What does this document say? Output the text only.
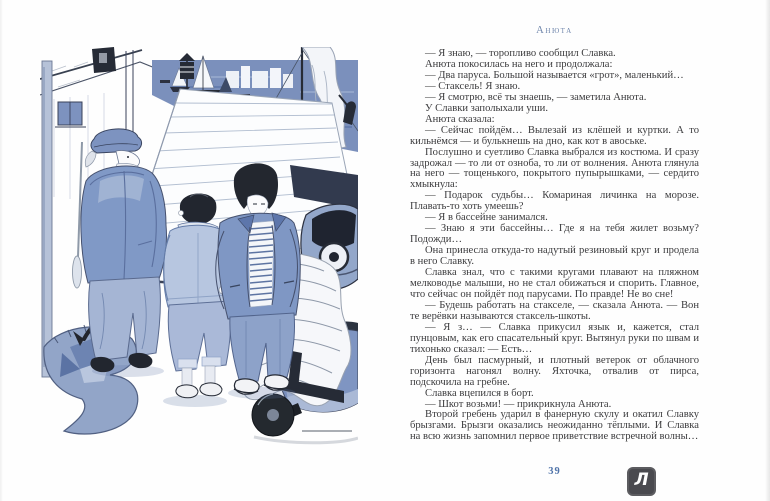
Анюта

— Я знаю, — торопливо сообщил Славка.

Анюта покосилась на него и продолжала:

— Два паруса. Большой называется «грот», маленький…

— Стаксель! Я знаю.

— Я смотрю, всё ты знаешь, — заметила Анюта.

У Славки заполыхали уши.

Анюта сказала:

— Сейчас пойдём… Вылезай из клёшей и куртки. А то кильнёмся — и булькнешь на дно, как кот в авоське.

Послушно и суетливо Славка выбрался из костюма. И сразу задрожал — то ли от озноба, то ли от волнения. Анюта глянула на него — тощенького, покрытого пупырышками, — сердито хмыкнула:

— Подарок судьбы… Комариная личинка на морозе. Плавать-то хоть умеешь?

— Я в бассейне занимался.

— Знаю я эти бассейны… Где я на тебя жилет возьму? Подожди…

Она принесла откуда-то надутый резиновый круг и продела в него Славку.

Славка знал, что с такими кругами плавают на пляжном мелководье малыши, но не стал обижаться и спорить. Главное, что сейчас он пойдёт под парусами. По правде! Не во сне!

— Будешь работать на стакселе, — сказала Анюта. — Вон те верёвки называются стаксель-шкоты.

— Я з… — Славка прикусил язык и, кажется, стал пунцовым, как его спасательный круг. Вытянул руки по швам и тихонько сказал: — Есть…

День был пасмурный, и плотный ветерок от облачного горизонта нагонял волну. Яхточка, отвалив от пирса, подскочила на гребне.

Славка вцепился в борт.

— Шкот возьми! — прикрикнула Анюта.

Второй гребень ударил в фанерную скулу и окатил Славку брызгами. Брызги оказались неожиданно тёплыми. И Славка на всю жизнь запомнил первое приветствие встречной волны…

39	Л
